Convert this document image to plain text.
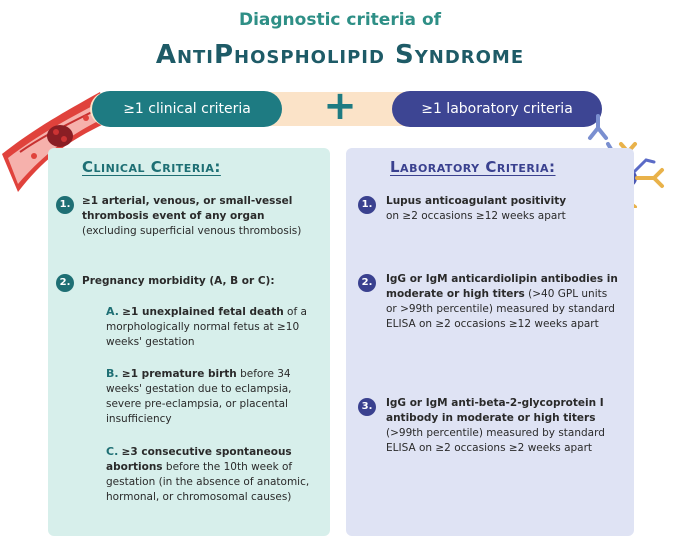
Diagnostic criteria of
AntiPhospholipid Syndrome
≥1 clinical criteria	+	≥1 laboratory criteria
Clinical Criteria:
1.	≥1 arterial, venous, or small-vessel thrombosis event of any organ (excluding superficial venous thrombosis)
2.	Pregnancy morbidity (A, B or C):
A. ≥1 unexplained fetal death of a morphologically normal fetus at ≥10 weeks' gestation
B. ≥1 premature birth before 34 weeks' gestation due to eclampsia, severe pre-eclampsia, or placental insufficiency
C. ≥3 consecutive spontaneous abortions before the 10th week of gestation (in the absence of anatomic, hormonal, or chromosomal causes)
Laboratory Criteria:
1.	Lupus anticoagulant positivity
on ≥2 occasions ≥12 weeks apart
2.	IgG or IgM anticardiolipin antibodies in moderate or high titers (>40 GPL units or >99th percentile) measured by standard ELISA on ≥2 occasions ≥12 weeks apart
3.	IgG or IgM anti-beta-2-glycoprotein I antibody in moderate or high titers (>99th percentile) measured by standard ELISA on ≥2 occasions ≥2 weeks apart
